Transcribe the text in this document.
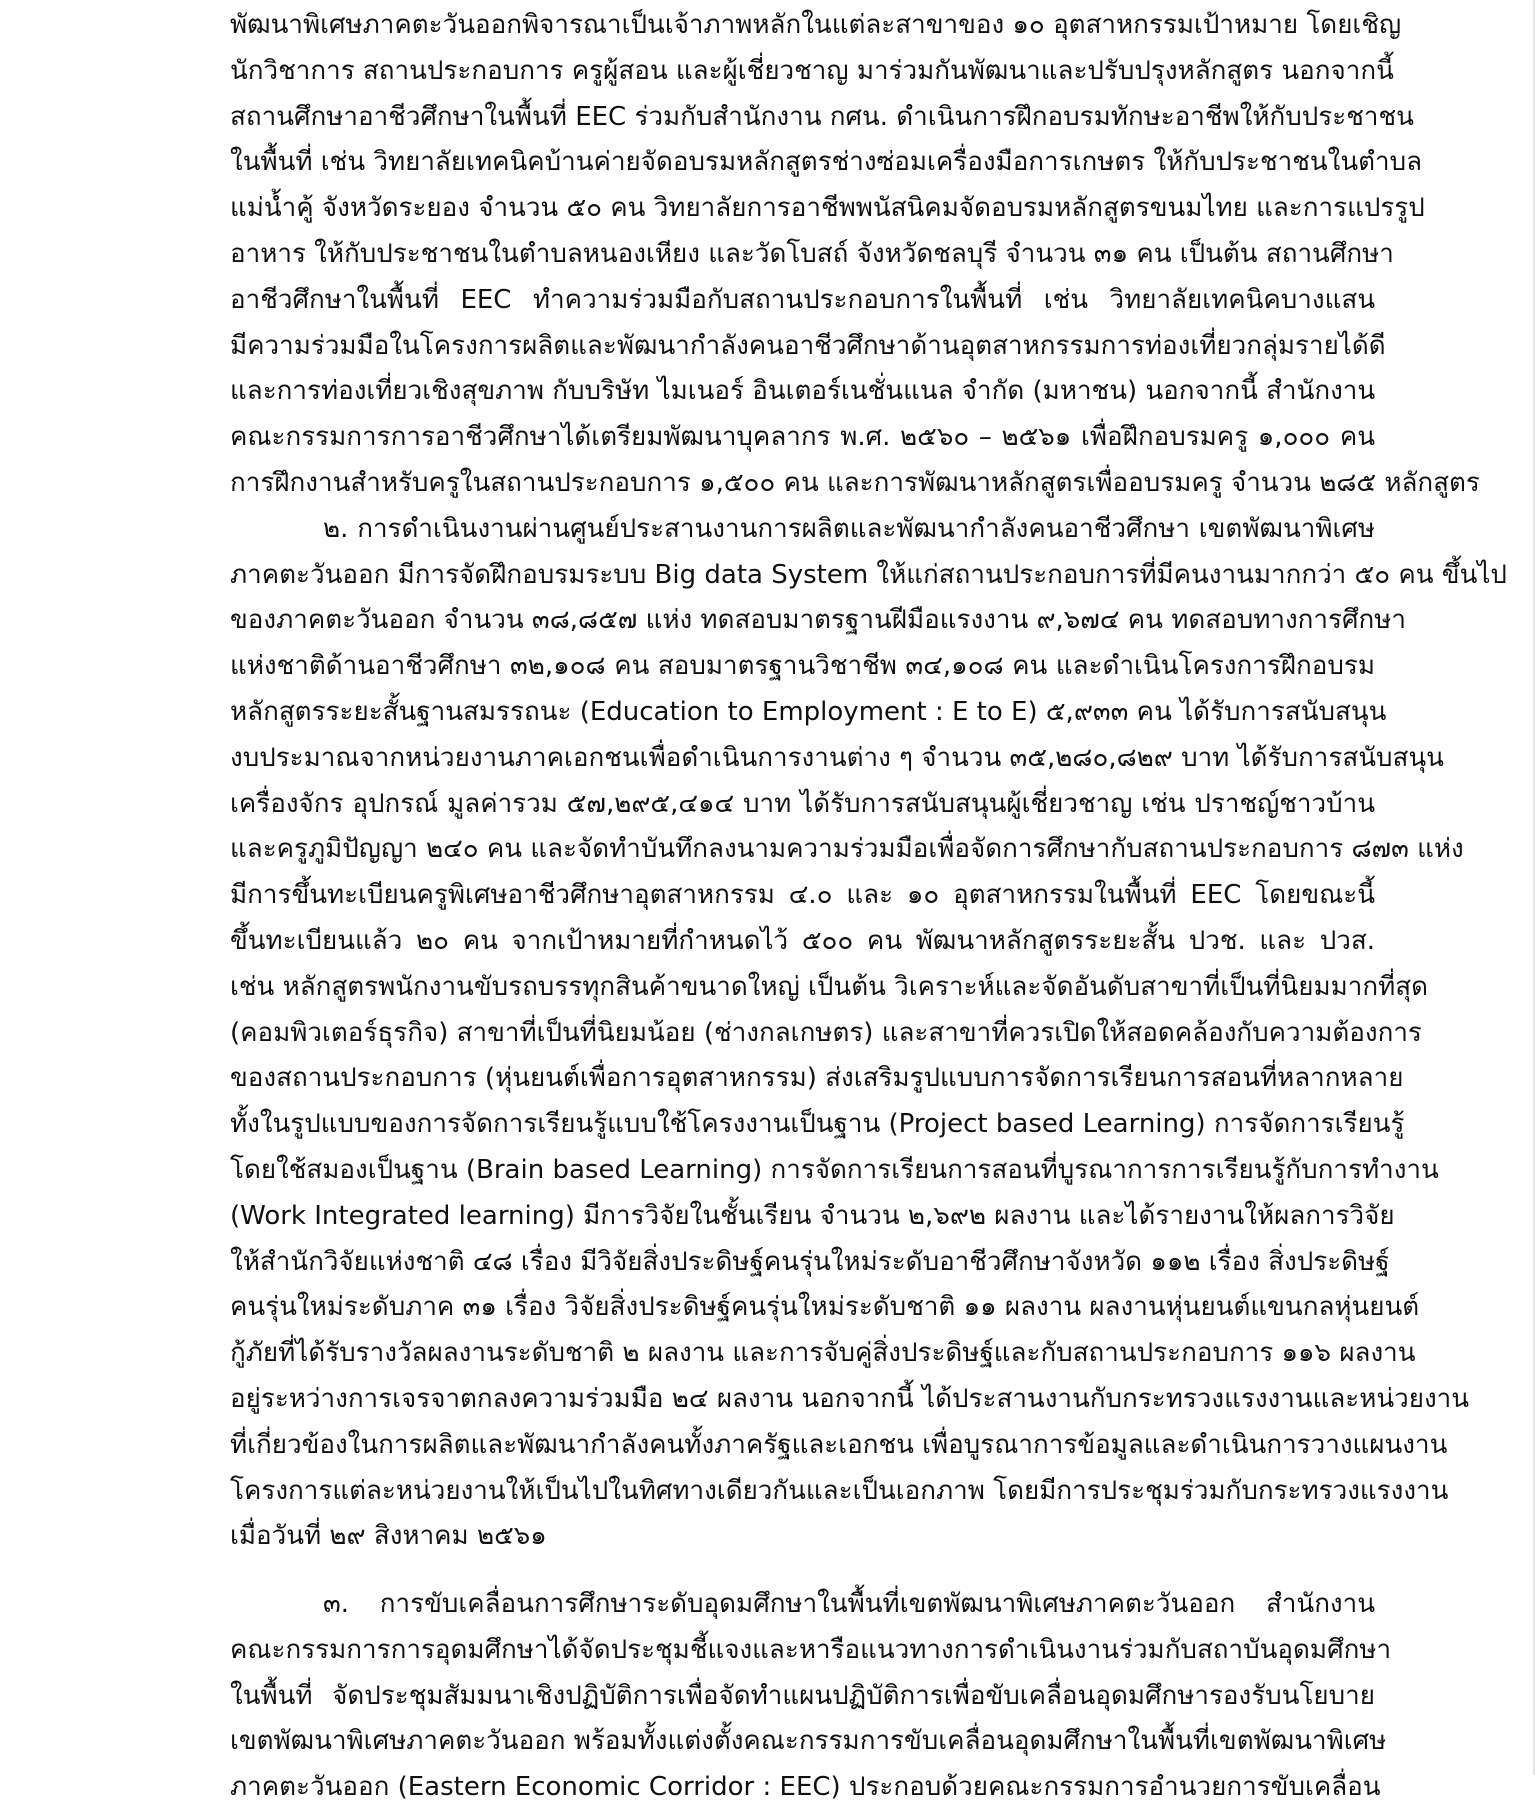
พัฒนาพิเศษภาคตะวันออกพิจารณาเป็นเจ้าภาพหลักในแต่ละสาขาของ ๑๐ อุตสาหกรรมเป้าหมาย โดยเชิญ
นักวิชาการ สถานประกอบการ ครูผู้สอน และผู้เชี่ยวชาญ มาร่วมกันพัฒนาและปรับปรุงหลักสูตร นอกจากนี้
สถานศึกษาอาชีวศึกษาในพื้นที่ EEC ร่วมกับสำนักงาน กศน. ดำเนินการฝึกอบรมทักษะอาชีพให้กับประชาชน
ในพื้นที่ เช่น วิทยาลัยเทคนิคบ้านค่ายจัดอบรมหลักสูตรช่างซ่อมเครื่องมือการเกษตร ให้กับประชาชนในตำบล
แม่น้ำคู้ จังหวัดระยอง จำนวน ๕๐ คน วิทยาลัยการอาชีพพนัสนิคมจัดอบรมหลักสูตรขนมไทย และการแปรรูป
อาหาร ให้กับประชาชนในตำบลหนองเหียง และวัดโบสถ์ จังหวัดชลบุรี จำนวน ๓๑ คน เป็นต้น สถานศึกษา
อาชีวศึกษาในพื้นที่ EEC ทำความร่วมมือกับสถานประกอบการในพื้นที่ เช่น วิทยาลัยเทคนิคบางแสน
มีความร่วมมือในโครงการผลิตและพัฒนากำลังคนอาชีวศึกษาด้านอุตสาหกรรมการท่องเที่ยวกลุ่มรายได้ดี
และการท่องเที่ยวเชิงสุขภาพ กับบริษัท ไมเนอร์ อินเตอร์เนชั่นแนล จำกัด (มหาชน) นอกจากนี้ สำนักงาน
คณะกรรมการการอาชีวศึกษาได้เตรียมพัฒนาบุคลากร พ.ศ. ๒๕๖๐ – ๒๕๖๑ เพื่อฝึกอบรมครู ๑,๐๐๐ คน
การฝึกงานสำหรับครูในสถานประกอบการ ๑,๕๐๐ คน และการพัฒนาหลักสูตรเพื่ออบรมครู จำนวน ๒๘๕ หลักสูตร
๒. การดำเนินงานผ่านศูนย์ประสานงานการผลิตและพัฒนากำลังคนอาชีวศึกษา เขตพัฒนาพิเศษ
ภาคตะวันออก มีการจัดฝึกอบรมระบบ Big data System ให้แก่สถานประกอบการที่มีคนงานมากกว่า ๕๐ คน ขึ้นไป
ของภาคตะวันออก จำนวน ๓๘,๘๕๗ แห่ง ทดสอบมาตรฐานฝีมือแรงงาน ๙,๖๗๔ คน ทดสอบทางการศึกษา
แห่งชาติด้านอาชีวศึกษา ๓๒,๑๐๘ คน สอบมาตรฐานวิชาชีพ ๓๔,๑๐๘ คน และดำเนินโครงการฝึกอบรม
หลักสูตรระยะสั้นฐานสมรรถนะ (Education to Employment : E to E) ๕,๙๓๓ คน ได้รับการสนับสนุน
งบประมาณจากหน่วยงานภาคเอกชนเพื่อดำเนินการงานต่าง ๆ จำนวน ๓๕,๒๘๐,๘๒๙ บาท ได้รับการสนับสนุน
เครื่องจักร อุปกรณ์ มูลค่ารวม ๕๗,๒๙๕,๔๑๔ บาท ได้รับการสนับสนุนผู้เชี่ยวชาญ เช่น ปราชญ์ชาวบ้าน
และครูภูมิปัญญา ๒๔๐ คน และจัดทำบันทึกลงนามความร่วมมือเพื่อจัดการศึกษากับสถานประกอบการ ๘๗๓ แห่ง
มีการขึ้นทะเบียนครูพิเศษอาชีวศึกษาอุตสาหกรรม ๔.๐ และ ๑๐ อุตสาหกรรมในพื้นที่ EEC โดยขณะนี้
ขึ้นทะเบียนแล้ว ๒๐ คน จากเป้าหมายที่กำหนดไว้ ๕๐๐ คน พัฒนาหลักสูตรระยะสั้น ปวช. และ ปวส.
เช่น หลักสูตรพนักงานขับรถบรรทุกสินค้าขนาดใหญ่ เป็นต้น วิเคราะห์และจัดอันดับสาขาที่เป็นที่นิยมมากที่สุด
(คอมพิวเตอร์ธุรกิจ) สาขาที่เป็นที่นิยมน้อย (ช่างกลเกษตร) และสาขาที่ควรเปิดให้สอดคล้องกับความต้องการ
ของสถานประกอบการ (หุ่นยนต์เพื่อการอุตสาหกรรม) ส่งเสริมรูปแบบการจัดการเรียนการสอนที่หลากหลาย
ทั้งในรูปแบบของการจัดการเรียนรู้แบบใช้โครงงานเป็นฐาน (Project based Learning) การจัดการเรียนรู้
โดยใช้สมองเป็นฐาน (Brain based Learning) การจัดการเรียนการสอนที่บูรณาการการเรียนรู้กับการทำงาน
(Work Integrated learning) มีการวิจัยในชั้นเรียน จำนวน ๒,๖๙๒ ผลงาน และได้รายงานให้ผลการวิจัย
ให้สำนักวิจัยแห่งชาติ ๔๘ เรื่อง มีวิจัยสิ่งประดิษฐ์คนรุ่นใหม่ระดับอาชีวศึกษาจังหวัด ๑๑๒ เรื่อง สิ่งประดิษฐ์
คนรุ่นใหม่ระดับภาค ๓๑ เรื่อง วิจัยสิ่งประดิษฐ์คนรุ่นใหม่ระดับชาติ ๑๑ ผลงาน ผลงานหุ่นยนต์แขนกลหุ่นยนต์
กู้ภัยที่ได้รับรางวัลผลงานระดับชาติ ๒ ผลงาน และการจับคู่สิ่งประดิษฐ์และกับสถานประกอบการ ๑๑๖ ผลงาน
อยู่ระหว่างการเจรจาตกลงความร่วมมือ ๒๔ ผลงาน นอกจากนี้ ได้ประสานงานกับกระทรวงแรงงานและหน่วยงาน
ที่เกี่ยวข้องในการผลิตและพัฒนากำลังคนทั้งภาครัฐและเอกชน เพื่อบูรณาการข้อมูลและดำเนินการวางแผนงาน
โครงการแต่ละหน่วยงานให้เป็นไปในทิศทางเดียวกันและเป็นเอกภาพ โดยมีการประชุมร่วมกับกระทรวงแรงงาน
เมื่อวันที่ ๒๙ สิงหาคม ๒๕๖๑
๓. การขับเคลื่อนการศึกษาระดับอุดมศึกษาในพื้นที่เขตพัฒนาพิเศษภาคตะวันออก สำนักงาน
คณะกรรมการการอุดมศึกษาได้จัดประชุมชี้แจงและหารือแนวทางการดำเนินงานร่วมกับสถาบันอุดมศึกษา
ในพื้นที่ จัดประชุมสัมมนาเชิงปฏิบัติการเพื่อจัดทำแผนปฏิบัติการเพื่อขับเคลื่อนอุดมศึกษารองรับนโยบาย
เขตพัฒนาพิเศษภาคตะวันออก พร้อมทั้งแต่งตั้งคณะกรรมการขับเคลื่อนอุดมศึกษาในพื้นที่เขตพัฒนาพิเศษ
ภาคตะวันออก (Eastern Economic Corridor : EEC) ประกอบด้วยคณะกรรมการอำนวยการขับเคลื่อน
